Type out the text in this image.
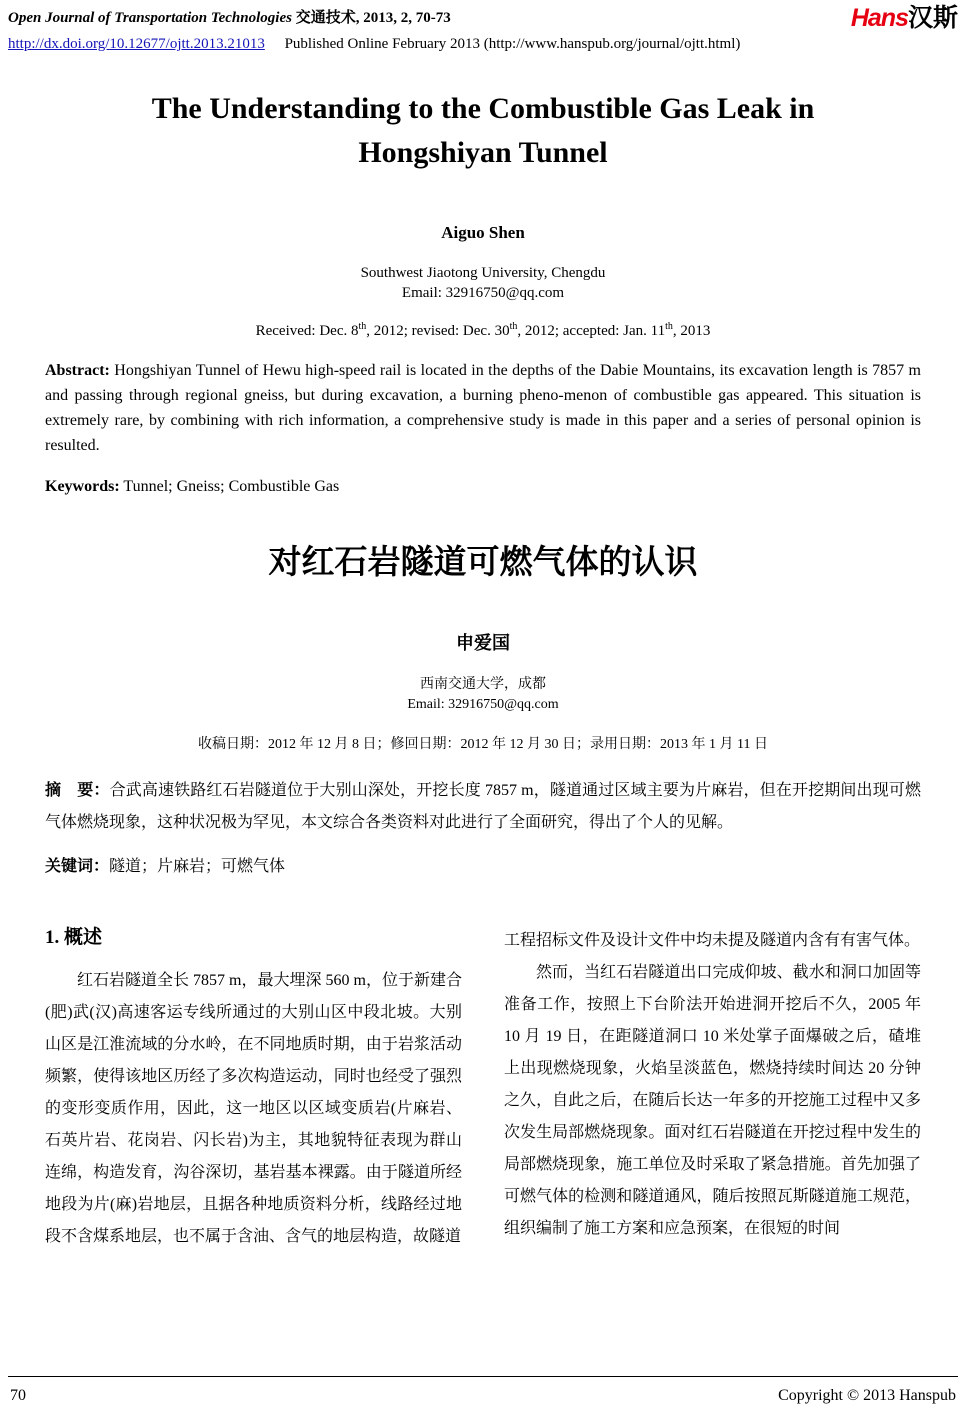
Open Journal of Transportation Technologies 交通技术, 2013, 2, 70-73	Hans汉斯
http://dx.doi.org/10.12677/ojtt.2013.21013 Published Online February 2013 (http://www.hanspub.org/journal/ojtt.html)
The Understanding to the Combustible Gas Leak in
Hongshiyan Tunnel
Aiguo Shen
Southwest Jiaotong University, Chengdu
Email: 32916750@qq.com
Received: Dec. 8th, 2012; revised: Dec. 30th, 2012; accepted: Jan. 11th, 2013

Abstract: Hongshiyan Tunnel of Hewu high-speed rail is located in the depths of the Dabie Mountains, its excavation length is 7857 m and passing through regional gneiss, but during excavation, a burning pheno-menon of combustible gas appeared. This situation is extremely rare, by combining with rich information, a comprehensive study is made in this paper and a series of personal opinion is resulted.

Keywords: Tunnel; Gneiss; Combustible Gas

对红石岩隧道可燃气体的认识
申爱国
西南交通大学，成都
Email: 32916750@qq.com
收稿日期：2012 年 12 月 8 日；修回日期：2012 年 12 月 30 日；录用日期：2013 年 1 月 11 日

摘　要：合武高速铁路红石岩隧道位于大别山深处，开挖长度 7857 m，隧道通过区域主要为片麻岩，但在开挖期间出现可燃气体燃烧现象，这种状况极为罕见，本文综合各类资料对此进行了全面研究，得出了个人的见解。

关键词：隧道；片麻岩；可燃气体

1. 概述

红石岩隧道全长 7857 m，最大埋深 560 m，位于新建合(肥)武(汉)高速客运专线所通过的大别山区中段北坡。大别山区是江淮流域的分水岭，在不同地质时期，由于岩浆活动频繁，使得该地区历经了多次构造运动，同时也经受了强烈的变形变质作用，因此，这一地区以区域变质岩(片麻岩、石英片岩、花岗岩、闪长岩)为主，其地貌特征表现为群山连绵，构造发育，沟谷深切，基岩基本裸露。由于隧道所经地段为片(麻)岩地层，且据各种地质资料分析，线路经过地段不含煤系地层，也不属于含油、含气的地层构造，故隧道

工程招标文件及设计文件中均未提及隧道内含有有害气体。

然而，当红石岩隧道出口完成仰坡、截水和洞口加固等准备工作，按照上下台阶法开始进洞开挖后不久，2005 年 10 月 19 日，在距隧道洞口 10 米处掌子面爆破之后，碴堆上出现燃烧现象，火焰呈淡蓝色，燃烧持续时间达 20 分钟之久，自此之后，在随后长达一年多的开挖施工过程中又多次发生局部燃烧现象。面对红石岩隧道在开挖过程中发生的局部燃烧现象，施工单位及时采取了紧急措施。首先加强了可燃气体的检测和隧道通风，随后按照瓦斯隧道施工规范，组织编制了施工方案和应急预案，在很短的时间

70	Copyright © 2013 Hanspub
